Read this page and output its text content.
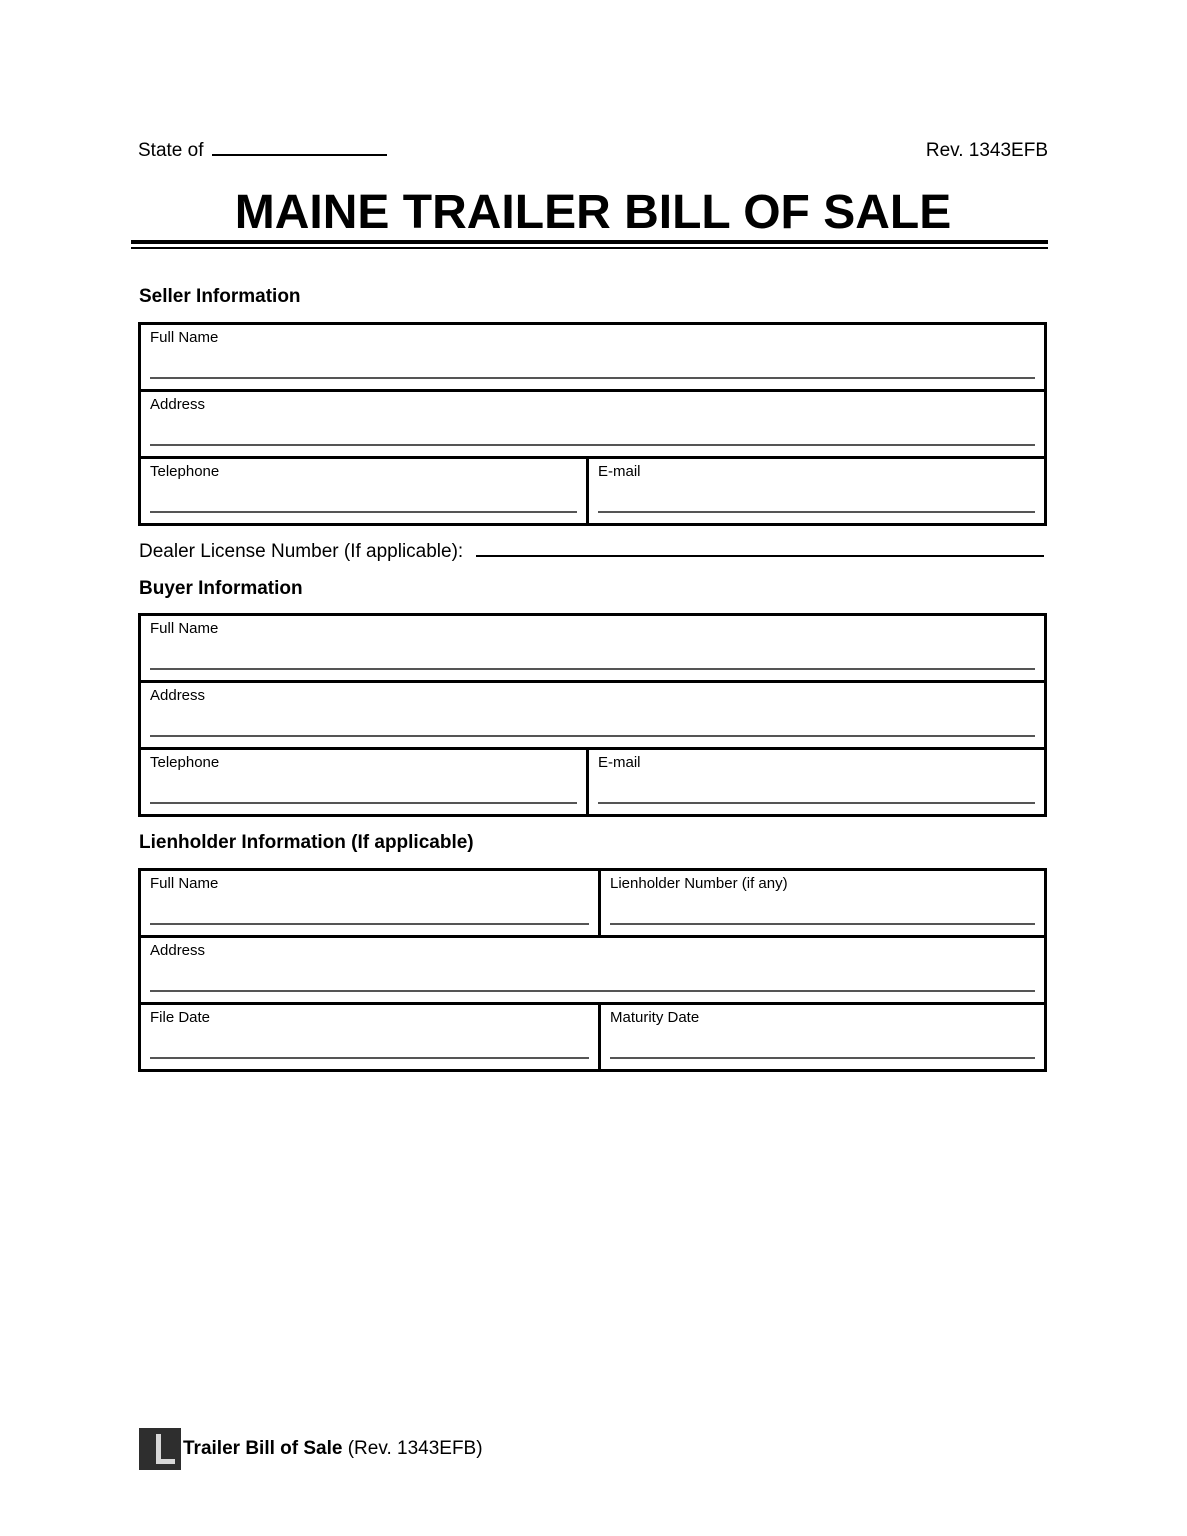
State of	Rev. 1343EFB
MAINE TRAILER BILL OF SALE
Seller Information
Full Name
Address
Telephone	E-mail
Dealer License Number (If applicable):
Buyer Information
Full Name
Address
Telephone	E-mail
Lienholder Information (If applicable)
Full Name	Lienholder Number (if any)
Address
File Date	Maturity Date
Trailer Bill of Sale (Rev. 1343EFB)
